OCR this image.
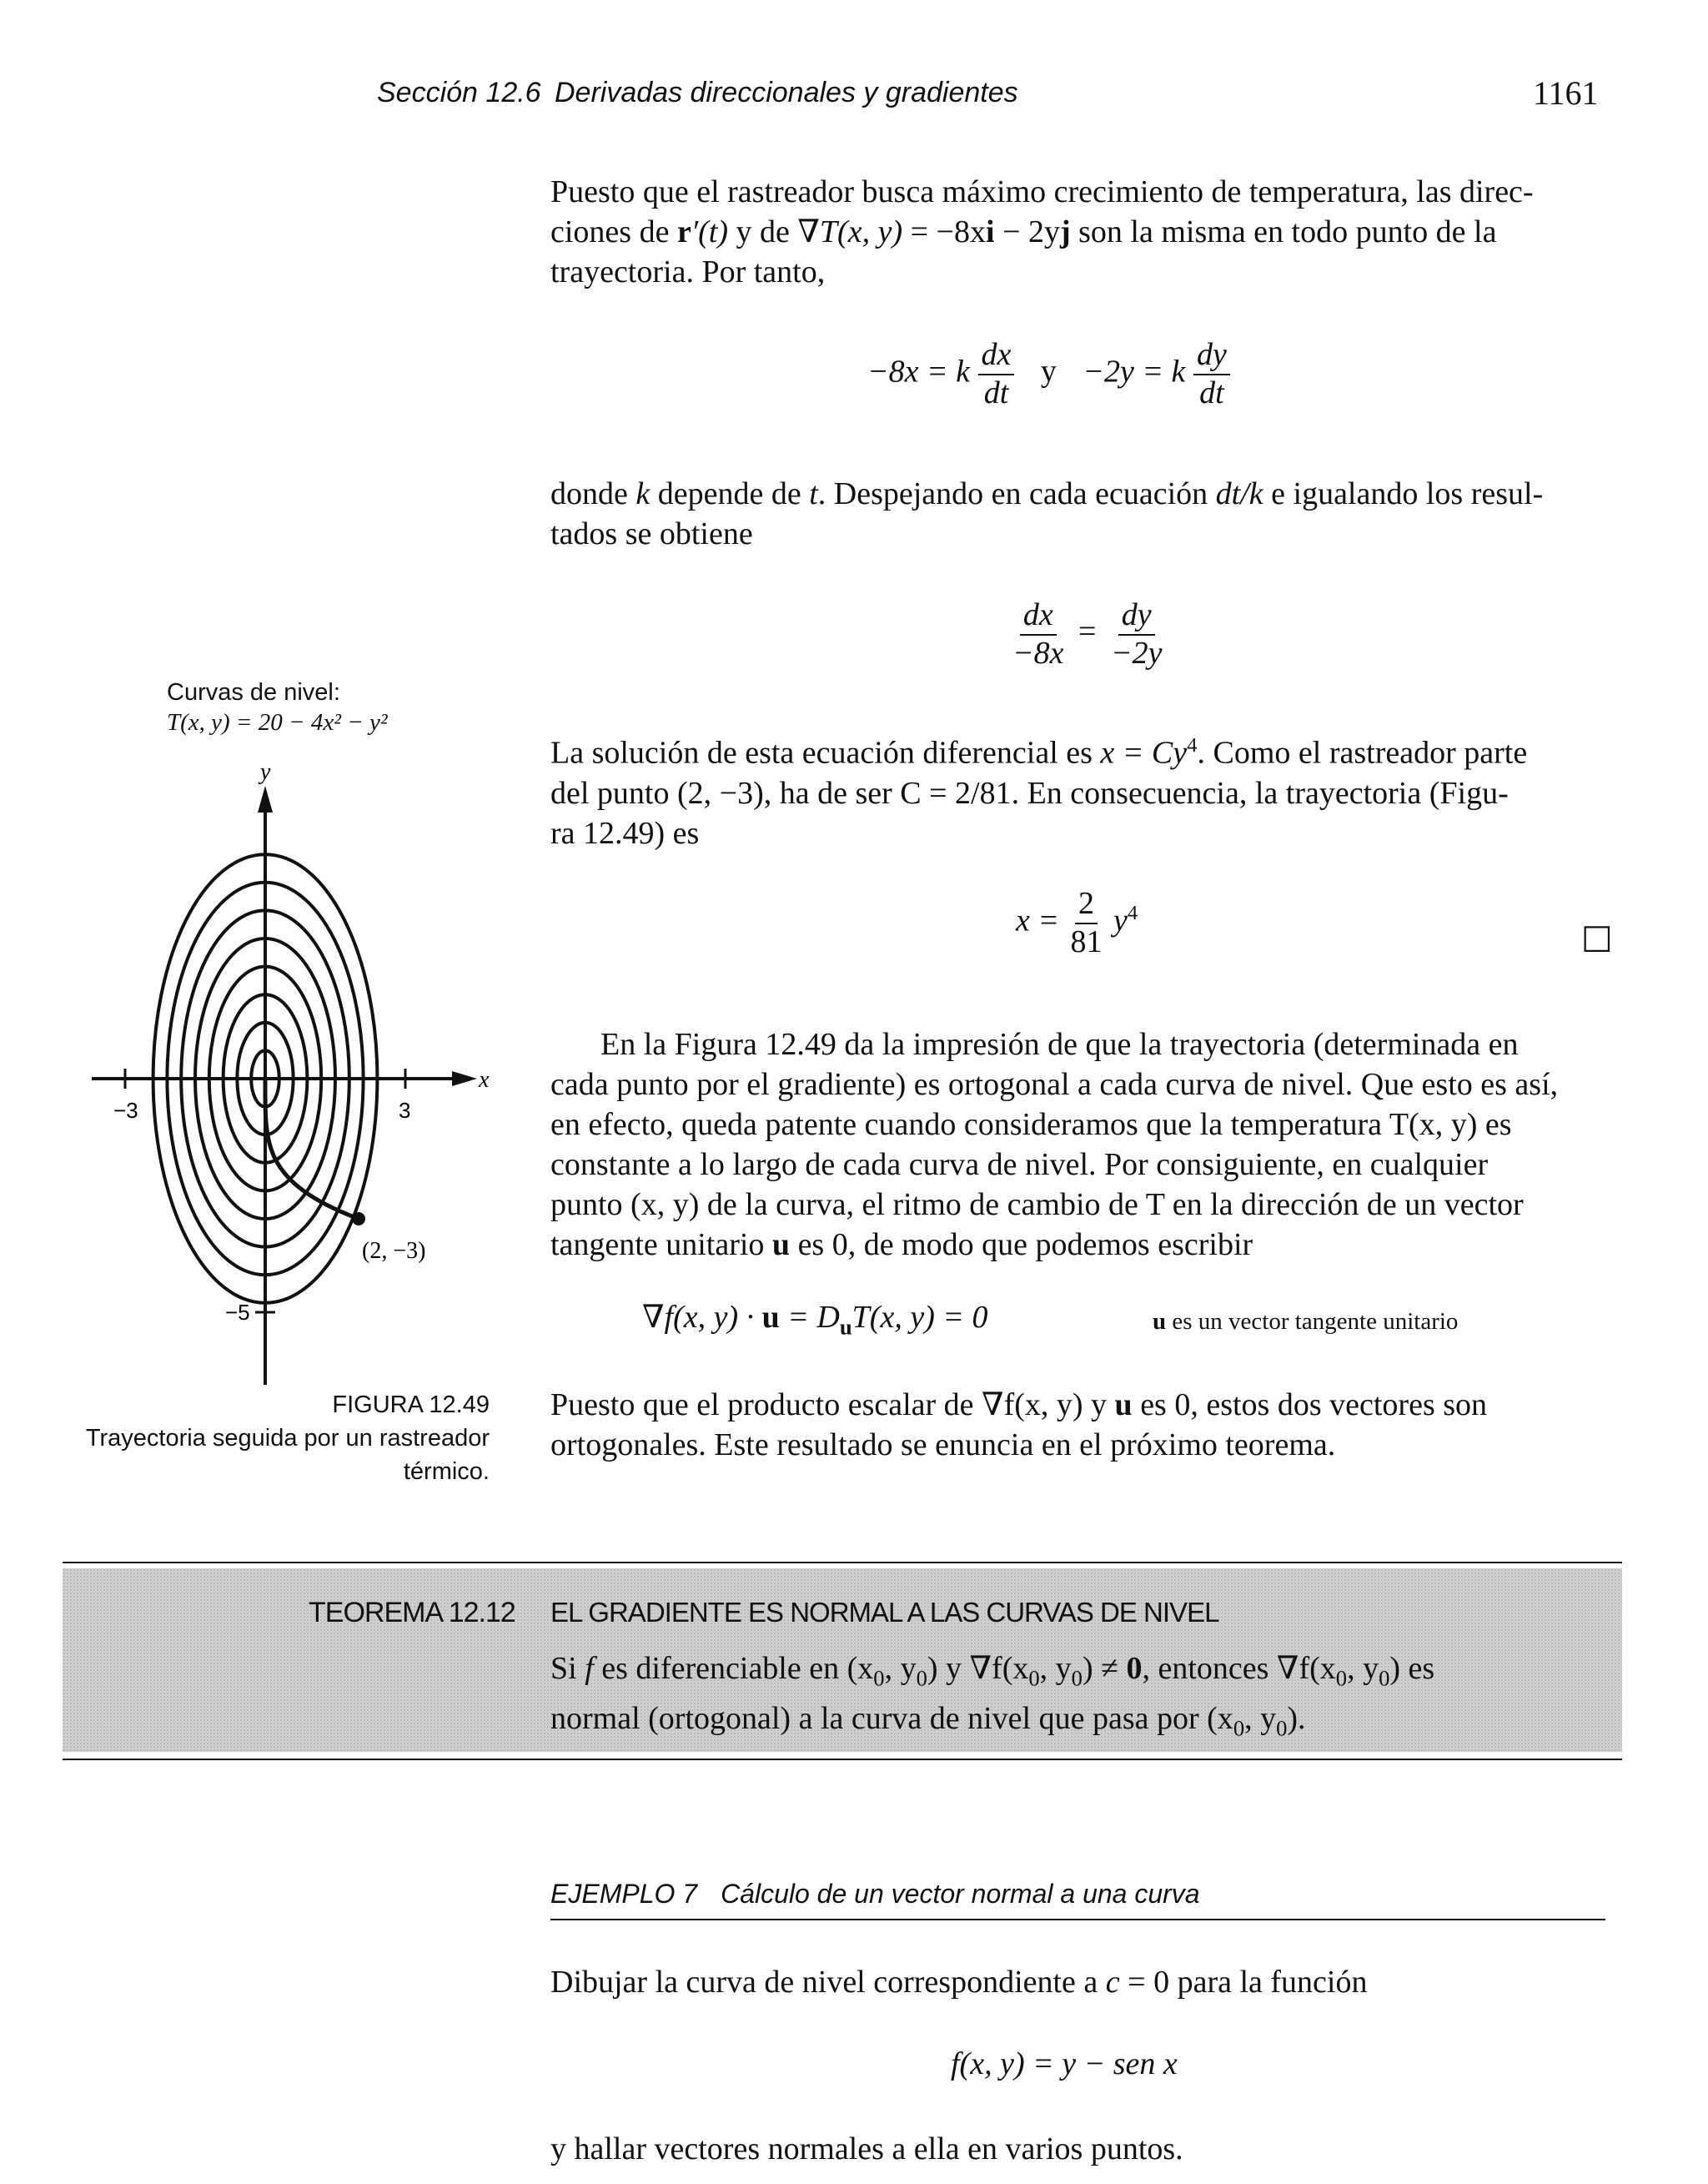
Sección 12.6 Derivadas direccionales y gradientes	1161
Puesto que el rastreador busca máximo crecimiento de temperatura, las direc-
ciones de r′(t) y de ∇T(x, y) = −8xi − 2yj son la misma en todo punto de la
trayectoria. Por tanto,
−8x = k $\frac{dx}{dt}$ y −2y = k $\frac{dy}{dt}$
donde k depende de t. Despejando en cada ecuación dt/k e igualando los resul-
tados se obtiene
$\frac{dx}{-8x} = \frac{dy}{-2y}$
La solución de esta ecuación diferencial es $x = Cy^4$. Como el rastreador parte
del punto (2, −3), ha de ser C = 2/81. En consecuencia, la trayectoria (Figu-
ra 12.49) es
$x = \frac{2}{81} y^4$
□
En la Figura 12.49 da la impresión de que la trayectoria (determinada en
cada punto por el gradiente) es ortogonal a cada curva de nivel. Que esto es así,
en efecto, queda patente cuando consideramos que la temperatura T(x, y) es
constante a lo largo de cada curva de nivel. Por consiguiente, en cualquier
punto (x, y) de la curva, el ritmo de cambio de T en la dirección de un vector
tangente unitario u es 0, de modo que podemos escribir
∇f(x, $y) \cdot u = D_uT(x$, y) = 0	u es un vector tangente unitario
Puesto que el producto escalar de ∇f(x, y) y u es 0, estos dos vectores son
ortogonales. Este resultado se enuncia en el próximo teorema.
Curvas de nivel:
T(x, y) = 20 − 4x² − y²
y
x
−3	3
−5
(2, −3)
FIGURA 12.49
Trayectoria seguida por un rastreador térmico.
TEOREMA 12.12 EL GRADIENTE ES NORMAL A LAS CURVAS DE NIVEL
Si f es diferenciable en ($x_0$, $y_0$) y $\nabla f(x_0$, $y_0) \ne 0$, entonces $\nabla f(x_0$, $y_0$) es
normal (ortogonal) a la curva de nivel que pasa por ($x_0$, $y_0$).
EJEMPLO 7 Cálculo de un vector normal a una curva
Dibujar la curva de nivel correspondiente a c = 0 para la función
f(x, y) = y − sen x
y hallar vectores normales a ella en varios puntos.
